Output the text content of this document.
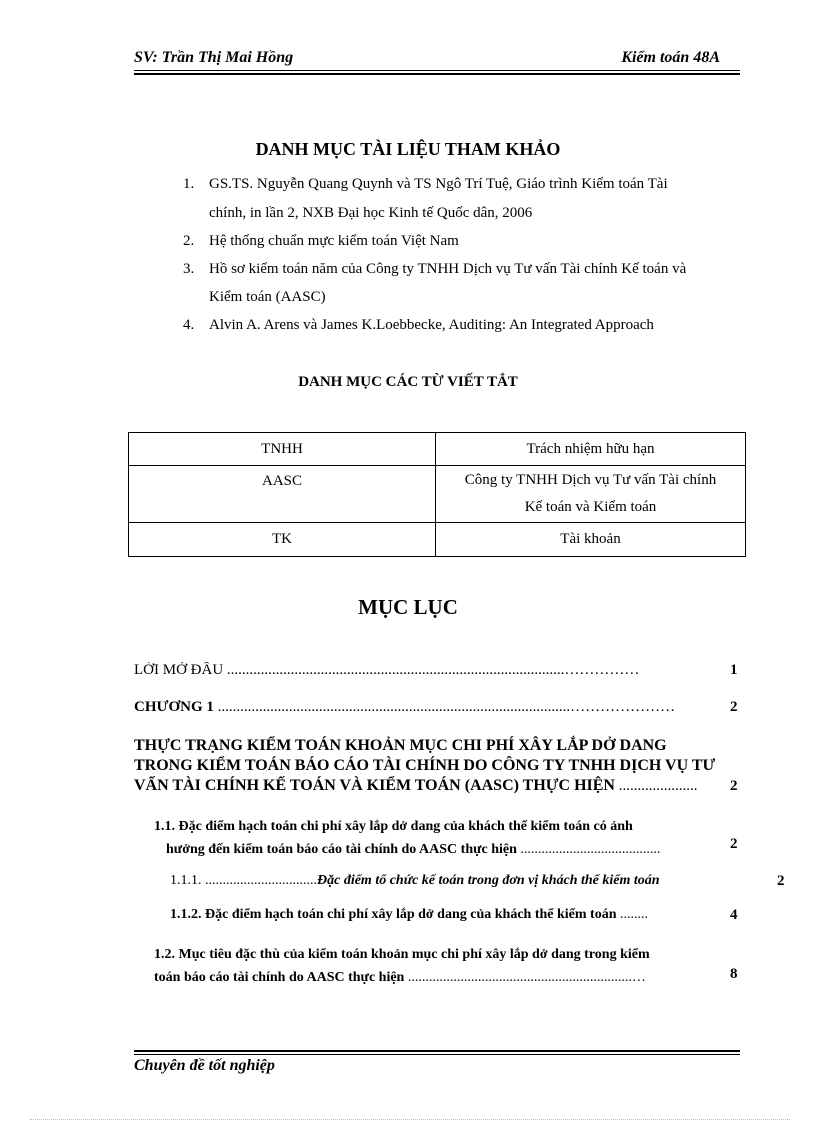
SV: Trần Thị Mai Hồng	Kiểm toán 48A
DANH MỤC TÀI LIỆU THAM KHẢO
1. GS.TS. Nguyễn Quang Quynh và TS Ngô Trí Tuệ, Giáo trình Kiểm toán Tài
chính, in lần 2, NXB Đại học Kinh tế Quốc dân, 2006
2. Hệ thống chuẩn mực kiểm toán Việt Nam
3. Hồ sơ kiểm toán năm của Công ty TNHH Dịch vụ Tư vấn Tài chính Kế toán và
Kiểm toán (AASC)
4. Alvin A. Arens và James K.Loebbecke, Auditing: An Integrated Approach
DANH MỤC CÁC TỪ VIẾT TẮT
TNHH	Trách nhiệm hữu hạn
AASC	Công ty TNHH Dịch vụ Tư vấn Tài chính
Kế toán và Kiểm toán

TK	Tài khoản
MỤC LỤC
LỜI MỞ ĐẦU ..........................................................................................……………	1
CHƯƠNG 1 ..............................................................................................…………………	2
THỰC TRẠNG KIỂM TOÁN KHOẢN MỤC CHI PHÍ XÂY LẮP DỞ DANG
TRONG KIỂM TOÁN BÁO CÁO TÀI CHÍNH DO CÔNG TY TNHH DỊCH VỤ TƯ
VẤN TÀI CHÍNH KẾ TOÁN VÀ KIỂM TOÁN (AASC) THỰC HIỆN .....................	2
1.1. Đặc điểm hạch toán chi phí xây lắp dở dang của khách thể kiểm toán có ảnh
hưởng đến kiểm toán báo cáo tài chính do AASC thực hiện ........................................	2
1.1.1. ................................Đặc điểm tổ chức kế toán trong đơn vị khách thể kiểm toán	2
1.1.2. Đặc điểm hạch toán chi phí xây lắp dở dang của khách thể kiểm toán ........	4
1.2. Mục tiêu đặc thù của kiểm toán khoản mục chi phí xây lắp dở dang trong kiểm
toán báo cáo tài chính do AASC thực hiện ................................................................…	8
Chuyên đề tốt nghiệp
